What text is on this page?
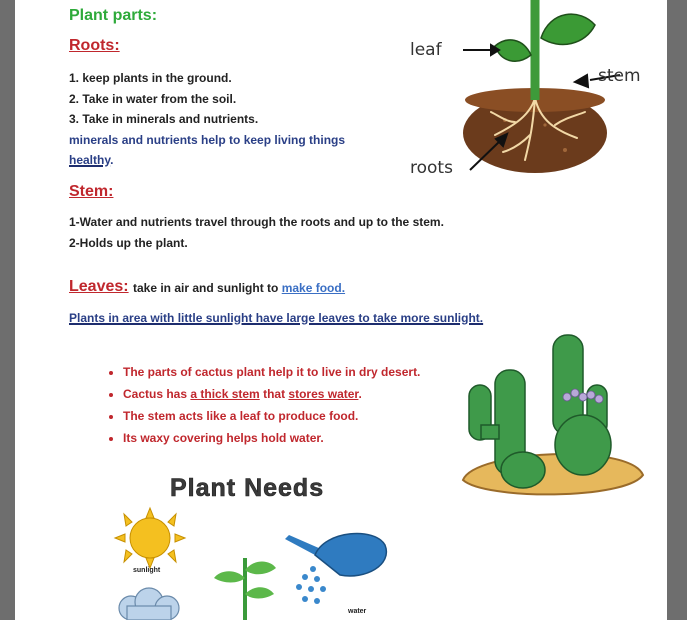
Plant parts:
Roots:
1. keep plants in the ground.
2. Take in water from the soil.
3. Take in minerals and nutrients.
minerals and nutrients help to keep living things
healthy.
leaf
stem
roots
Stem:
1-Water and nutrients travel through the roots and up to the stem.
2-Holds up the plant.
Leaves: take in air and sunlight to make food.
Plants in area with little sunlight have large leaves to take more sunlight.
• The parts of cactus plant help it to live in dry desert.
• Cactus has a thick stem that stores water.
• The stem acts like a leaf to produce food.
• Its waxy covering helps hold water.
Plant Needs
sunlight
water
